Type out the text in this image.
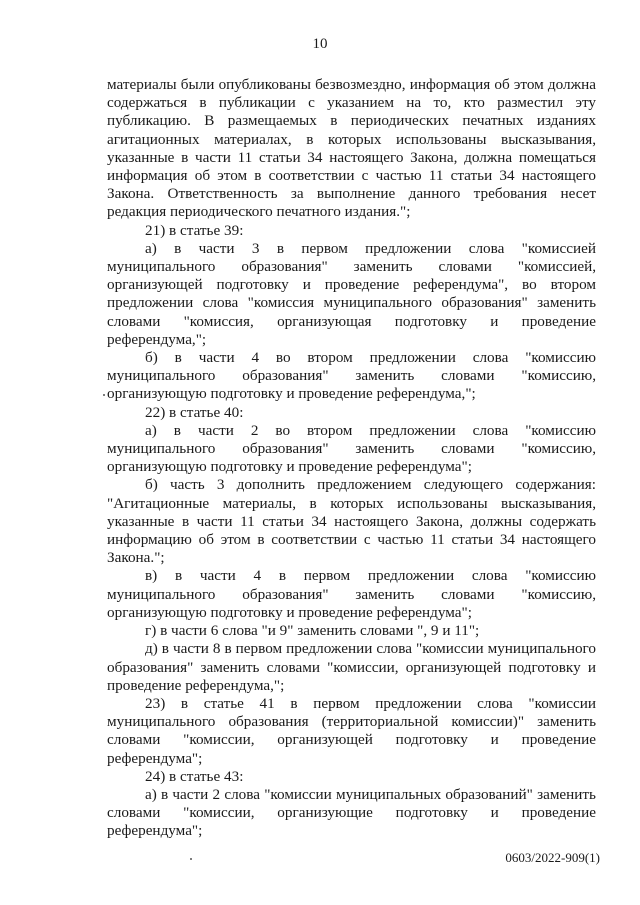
10

материалы были опубликованы безвозмездно, информация об этом должна содержаться в публикации с указанием на то, кто разместил эту публикацию. В размещаемых в периодических печатных изданиях агитационных материалах, в которых использованы высказывания, указанные в части 11 статьи 34 настоящего Закона, должна помещаться информация об этом в соответствии с частью 11 статьи 34 настоящего Закона. Ответственность за выполнение данного требования несет редакция периодического печатного издания.";

21) в статье 39:

а) в части 3 в первом предложении слова "комиссией муниципального образования" заменить словами "комиссией, организующей подготовку и проведение референдума", во втором предложении слова "комиссия муниципального образования" заменить словами "комиссия, организующая подготовку и проведение референдума,";

б) в части 4 во втором предложении слова "комиссию муниципального образования" заменить словами "комиссию, организующую подготовку и проведение референдума,";

22) в статье 40:

а) в части 2 во втором предложении слова "комиссию муниципального образования" заменить словами "комиссию, организующую подготовку и проведение референдума";

б) часть 3 дополнить предложением следующего содержания: "Агитационные материалы, в которых использованы высказывания, указанные в части 11 статьи 34 настоящего Закона, должны содержать информацию об этом в соответствии с частью 11 статьи 34 настоящего Закона.";

в) в части 4 в первом предложении слова "комиссию муниципального образования" заменить словами "комиссию, организующую подготовку и проведение референдума";

г) в части 6 слова "и 9" заменить словами ", 9 и 11";

д) в части 8 в первом предложении слова "комиссии муниципального образования" заменить словами "комиссии, организующей подготовку и проведение референдума,";

23) в статье 41 в первом предложении слова "комиссии муниципального образования (территориальной комиссии)" заменить словами "комиссии, организующей подготовку и проведение референдума";

24) в статье 43:

а) в части 2 слова "комиссии муниципальных образований" заменить словами "комиссии, организующие подготовку и проведение референдума";

0603/2022-909(1)
